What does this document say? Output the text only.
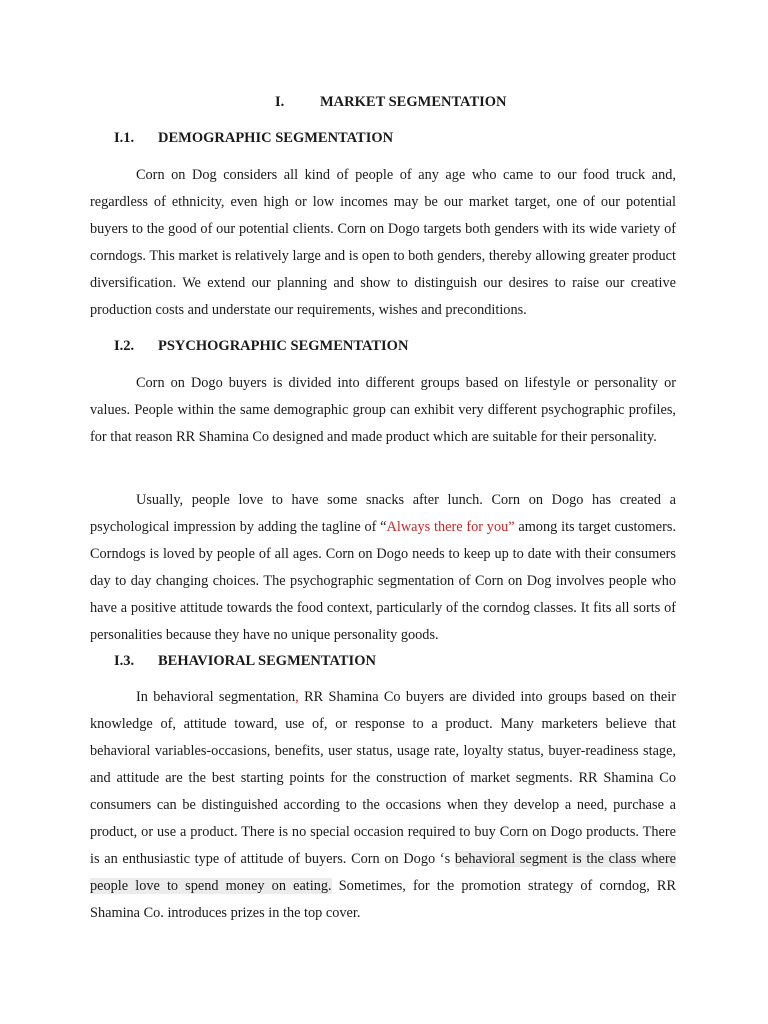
I. MARKET SEGMENTATION
I.1. DEMOGRAPHIC SEGMENTATION

Corn on Dog considers all kind of people of any age who came to our food truck and, regardless of ethnicity, even high or low incomes may be our market target, one of our potential buyers to the good of our potential clients. Corn on Dogo targets both genders with its wide variety of corndogs. This market is relatively large and is open to both genders, thereby allowing greater product diversification. We extend our planning and show to distinguish our desires to raise our creative production costs and understate our requirements, wishes and preconditions.

I.2. PSYCHOGRAPHIC SEGMENTATION

Corn on Dogo buyers is divided into different groups based on lifestyle or personality or values. People within the same demographic group can exhibit very different psychographic profiles, for that reason RR Shamina Co designed and made product which are suitable for their personality.

Usually, people love to have some snacks after lunch. Corn on Dogo has created a psychological impression by adding the tagline of “Always there for you” among its target customers. Corndogs is loved by people of all ages. Corn on Dogo needs to keep up to date with their consumers day to day changing choices. The psychographic segmentation of Corn on Dog involves people who have a positive attitude towards the food context, particularly of the corndog classes. It fits all sorts of personalities because they have no unique personality goods.

I.3. BEHAVIORAL SEGMENTATION

In behavioral segmentation, RR Shamina Co buyers are divided into groups based on their knowledge of, attitude toward, use of, or response to a product. Many marketers believe that behavioral variables-occasions, benefits, user status, usage rate, loyalty status, buyer-readiness stage, and attitude are the best starting points for the construction of market segments. RR Shamina Co consumers can be distinguished according to the occasions when they develop a need, purchase a product, or use a product. There is no special occasion required to buy Corn on Dogo products. There is an enthusiastic type of attitude of buyers. Corn on Dogo ‘s behavioral segment is the class where people love to spend money on eating. Sometimes, for the promotion strategy of corndog, RR Shamina Co. introduces prizes in the top cover.
